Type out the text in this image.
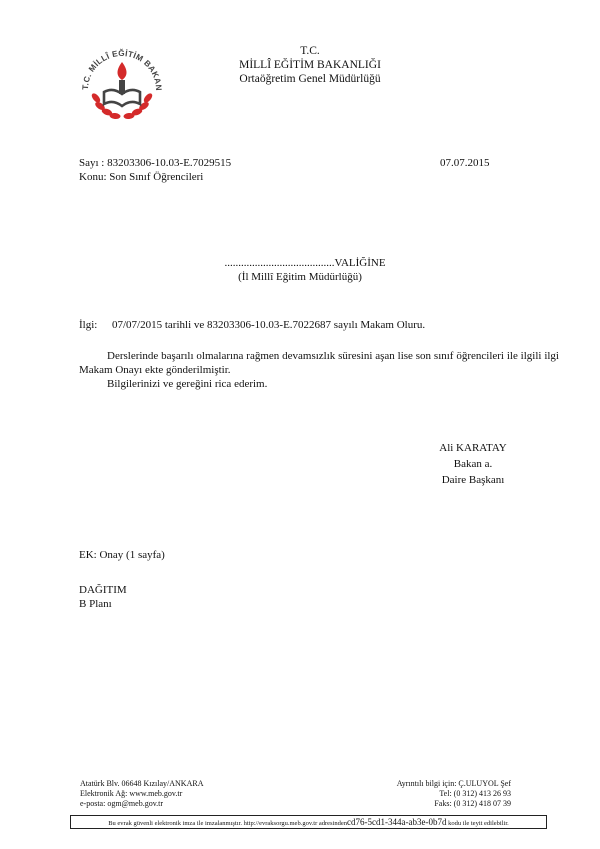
T.C. MİLLÎ EĞİTİM BAKAN
T.C.
MİLLÎ EĞİTİM BAKANLIĞI
Ortaöğretim Genel Müdürlüğü
Sayı : 83203306-10.03-E.7029515	07.07.2015
Konu: Son Sınıf Öğrencileri
........................................VALİĞİNE
(İl Millî Eğitim Müdürlüğü)
İlgi: 07/07/2015 tarihli ve 83203306-10.03-E.7022687 sayılı Makam Oluru.
Derslerinde başarılı olmalarına rağmen devamsızlık süresini aşan lise son sınıf öğrencileri ile ilgili ilgi Makam Onayı ekte gönderilmiştir.
Bilgilerinizi ve gereğini rica ederim.
Ali KARATAY
Bakan a.
Daire Başkanı
EK: Onay (1 sayfa)
DAĞITIM
B Planı
Atatürk Blv. 06648 Kızılay/ANKARA
Elektronik Ağ: www.meb.gov.tr
e-posta: ogm@meb.gov.tr
Ayrıntılı bilgi için: Ç.ULUYOL Şef
Tel: (0 312) 413 26 93
Faks: (0 312) 418 07 39
Bu evrak güvenli elektronik imza ile imzalanmıştır. http://evraksorgu.meb.gov.tr adresindencd76-5cd1-344a-ab3e-0b7d kodu ile teyit edilebilir.
